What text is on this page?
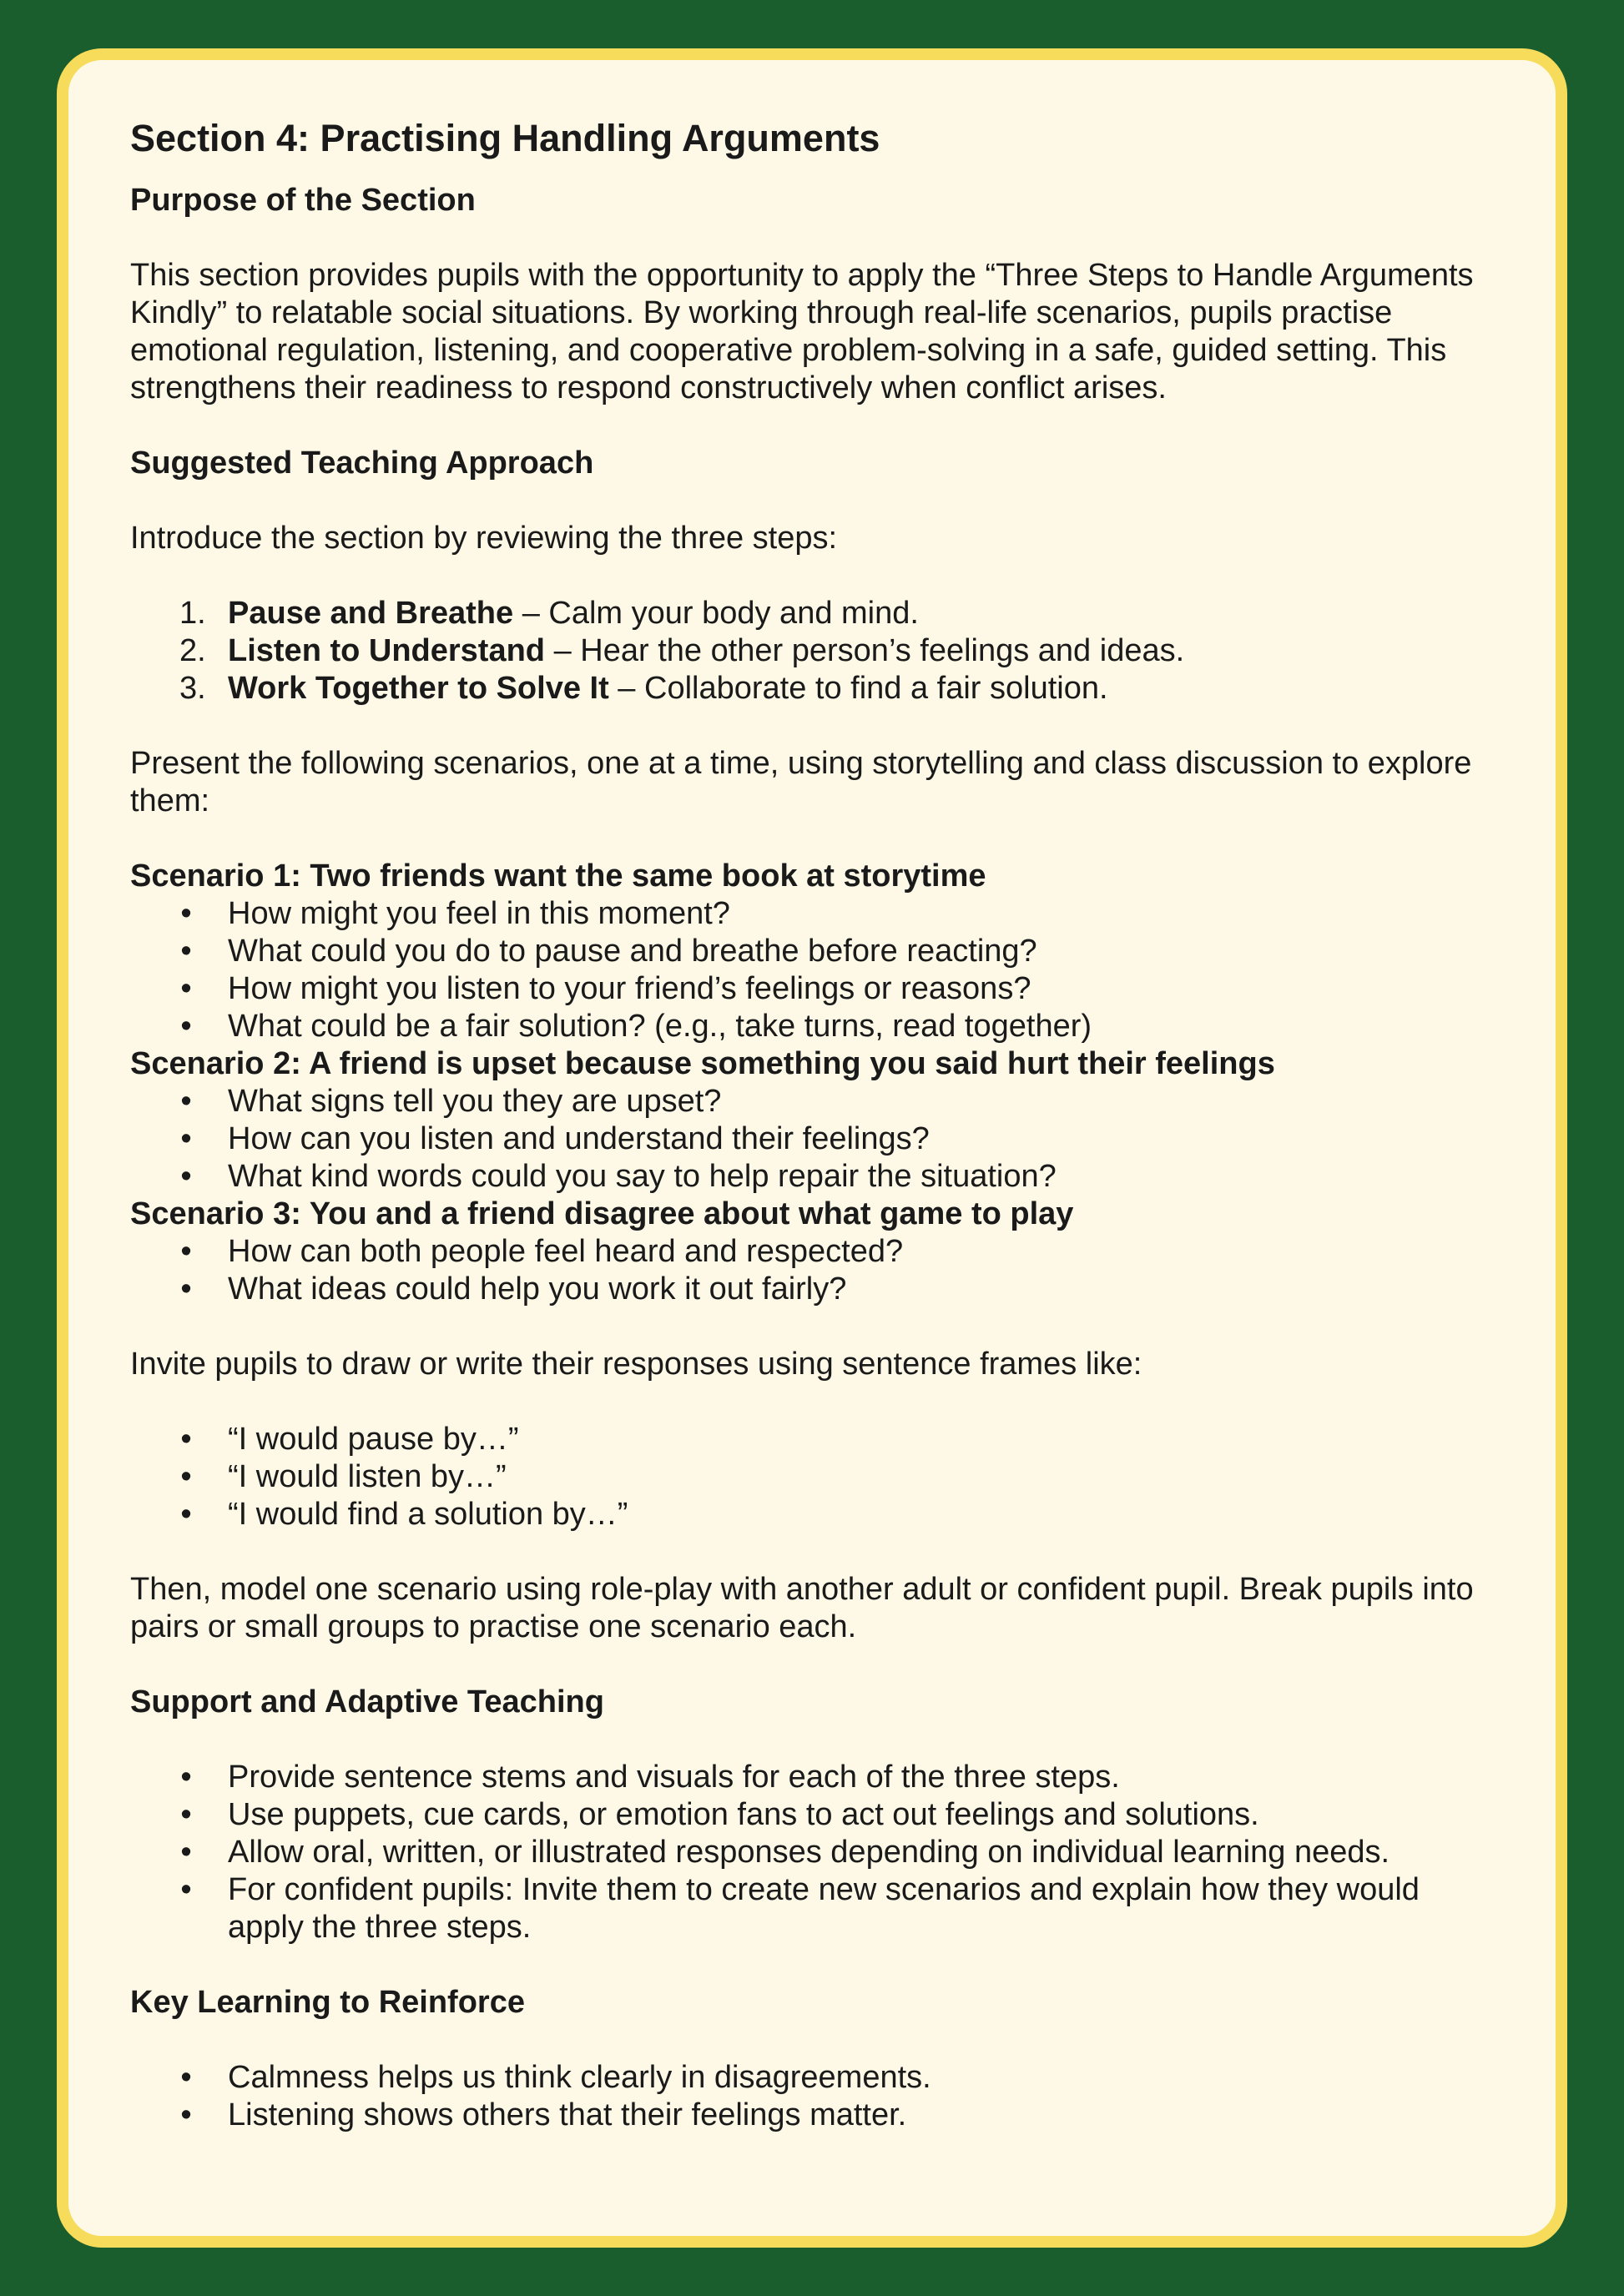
Section 4: Practising Handling Arguments
Purpose of the Section

This section provides pupils with the opportunity to apply the “Three Steps to Handle Arguments Kindly” to relatable social situations. By working through real-life scenarios, pupils practise emotional regulation, listening, and cooperative problem-solving in a safe, guided setting. This strengthens their readiness to respond constructively when conflict arises.

Suggested Teaching Approach

Introduce the section by reviewing the three steps:

1. Pause and Breathe – Calm your body and mind.
2. Listen to Understand – Hear the other person’s feelings and ideas.
3. Work Together to Solve It – Collaborate to find a fair solution.

Present the following scenarios, one at a time, using storytelling and class discussion to explore them:

Scenario 1: Two friends want the same book at storytime
• How might you feel in this moment?
• What could you do to pause and breathe before reacting?
• How might you listen to your friend’s feelings or reasons?
• What could be a fair solution? (e.g., take turns, read together)
Scenario 2: A friend is upset because something you said hurt their feelings
• What signs tell you they are upset?
• How can you listen and understand their feelings?
• What kind words could you say to help repair the situation?
Scenario 3: You and a friend disagree about what game to play
• How can both people feel heard and respected?
• What ideas could help you work it out fairly?

Invite pupils to draw or write their responses using sentence frames like:

• “I would pause by…”
• “I would listen by…”
• “I would find a solution by…”

Then, model one scenario using role-play with another adult or confident pupil. Break pupils into pairs or small groups to practise one scenario each.

Support and Adaptive Teaching
• Provide sentence stems and visuals for each of the three steps.
• Use puppets, cue cards, or emotion fans to act out feelings and solutions.
• Allow oral, written, or illustrated responses depending on individual learning needs.
• For confident pupils: Invite them to create new scenarios and explain how they would apply the three steps.
Key Learning to Reinforce
• Calmness helps us think clearly in disagreements.
• Listening shows others that their feelings matter.
